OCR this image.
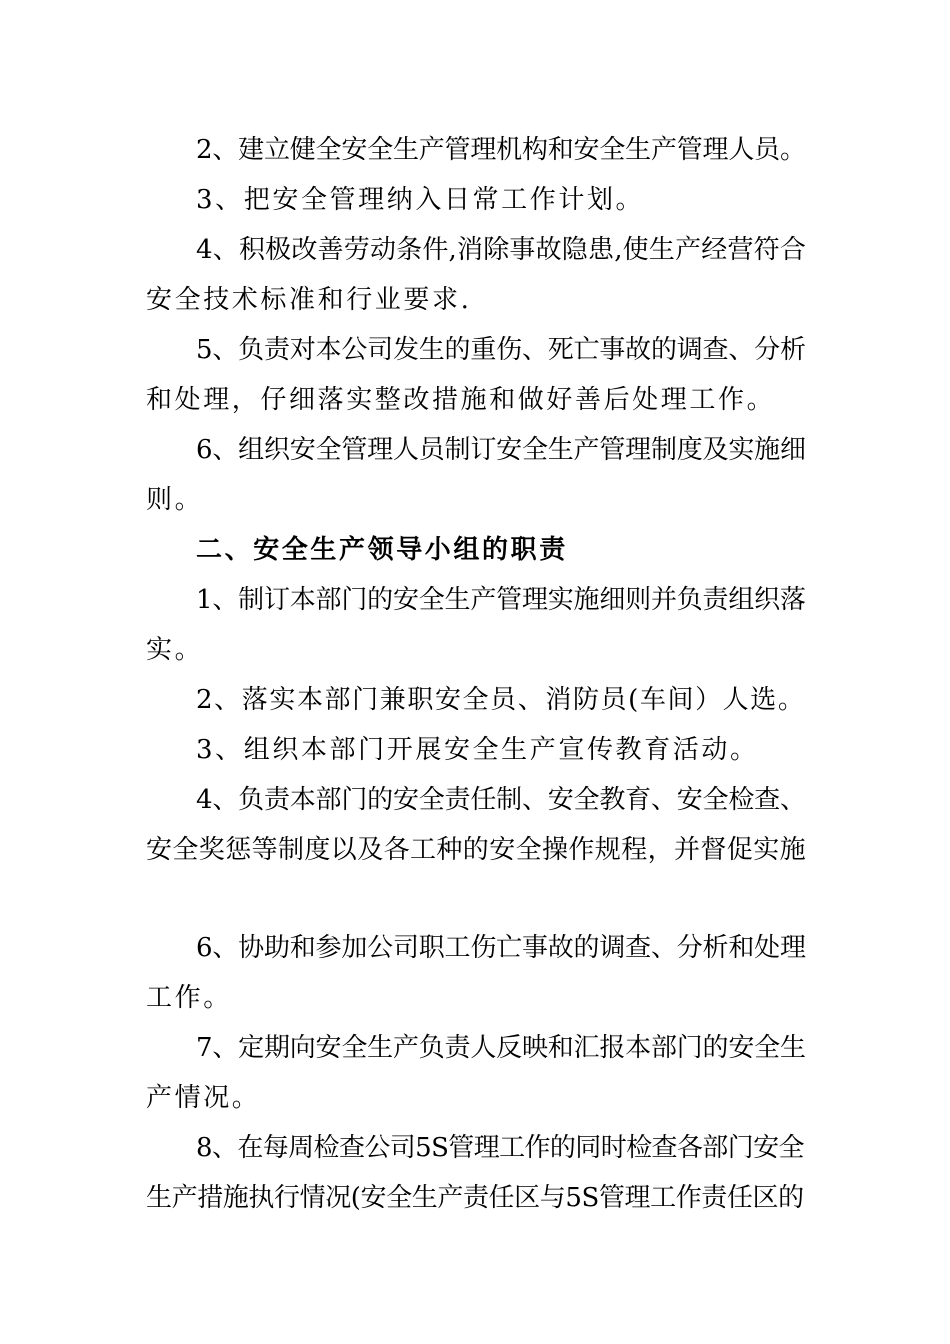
2、建立健全安全生产管理机构和安全生产管理人员。
3、把安全管理纳入日常工作计划。
4、积极改善劳动条件,消除事故隐患,使生产经营符合
安全技术标准和行业要求.
5、负责对本公司发生的重伤、死亡事故的调查、分析
和处理，仔细落实整改措施和做好善后处理工作。
6、组织安全管理人员制订安全生产管理制度及实施细
则。
二、安全生产领导小组的职责
1、制订本部门的安全生产管理实施细则并负责组织落
实。
2、落实本部门兼职安全员、消防员(车间）人选。
3、组织本部门开展安全生产宣传教育活动。
4、负责本部门的安全责任制、安全教育、安全检查、
安全奖惩等制度以及各工种的安全操作规程，并督促实施
6、协助和参加公司职工伤亡事故的调查、分析和处理
工作。
7、定期向安全生产负责人反映和汇报本部门的安全生
产情况。
8、在每周检查公司5S管理工作的同时检查各部门安全
生产措施执行情况(安全生产责任区与5S管理工作责任区的
